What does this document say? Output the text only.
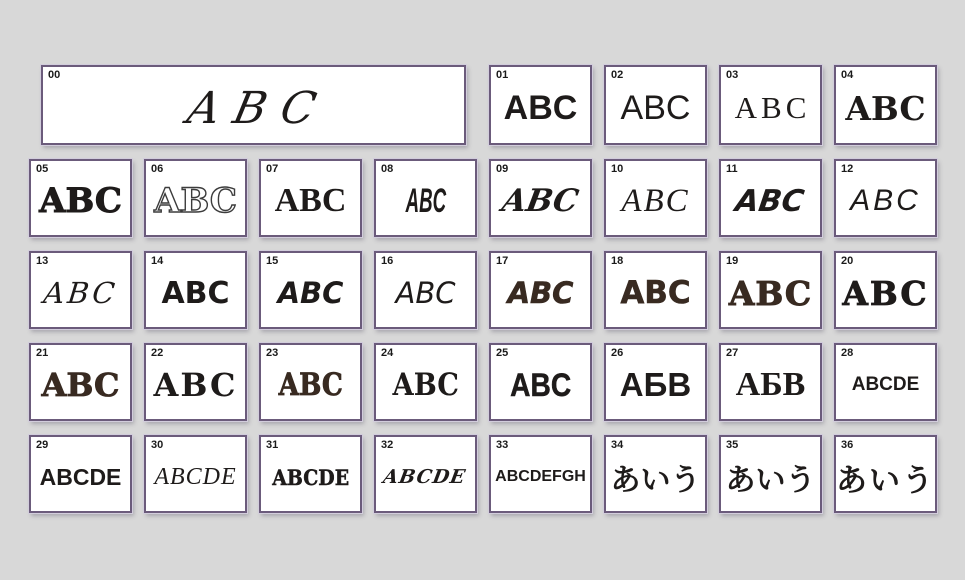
00
ABC
01
ABC
02
ABC
03
ABC
04
ABC
05
ABC
06
ABC
07
ABC
08
ABC
09
ABC
10
ABC
11
ABC
12
ABC
13
ABC
14
ABC
15
ABC
16
ABC
17
ABC
18
ABC
19
ABC
20
ABC
21
ABC
22
ABC
23
ABC
24
ABC
25
ABC
26
АБВ
27
АБВ
28
ABCDE
29
ABCDE
30
ABCDE
31
ABCDE
32
ABCDE
33
ABCDEFGH
34
あいう
35
あいう
36
あいう
